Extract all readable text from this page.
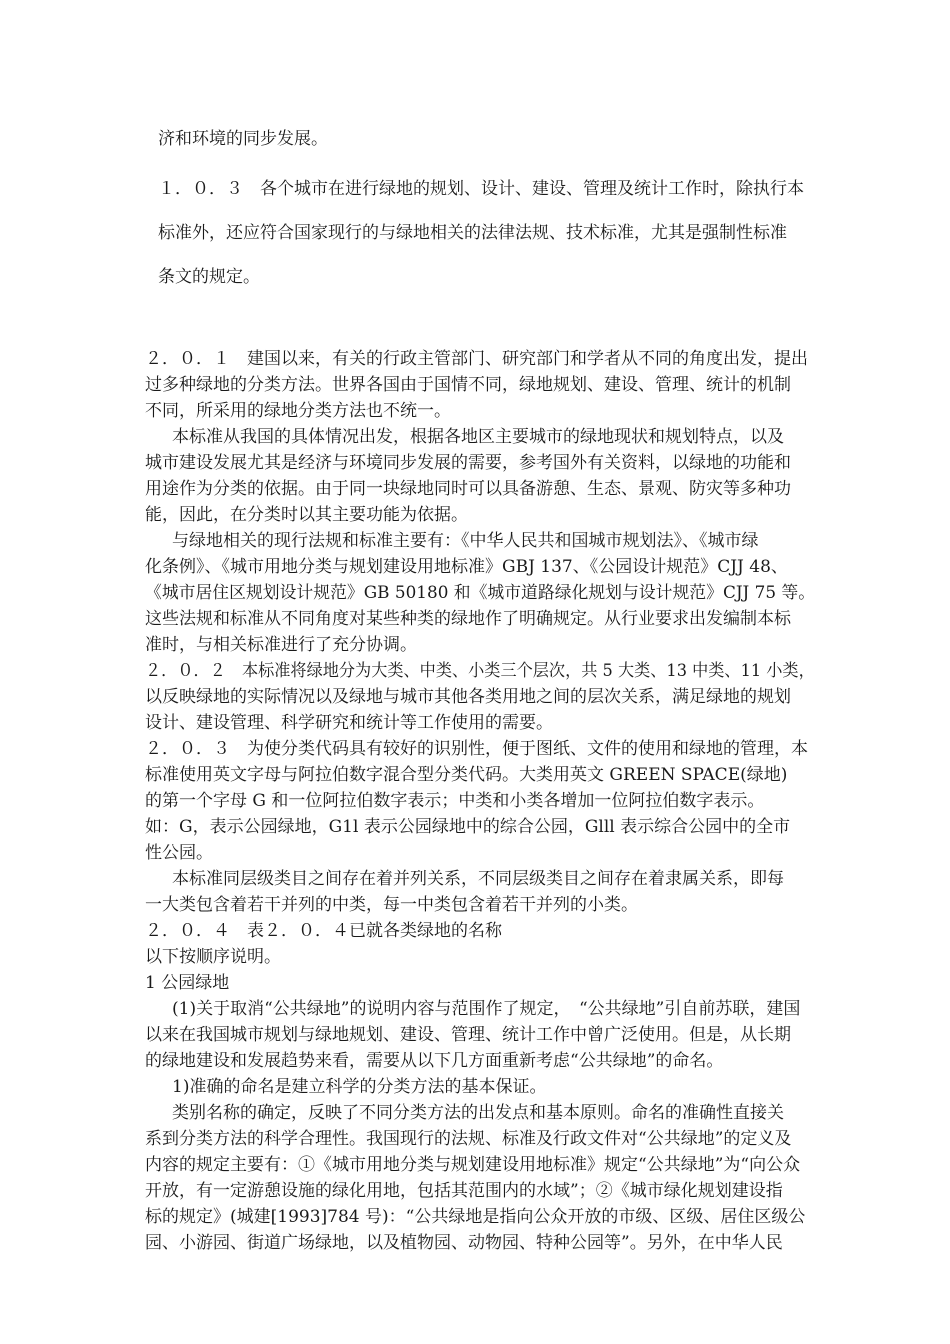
济和环境的同步发展。

１．０．３　各个城市在进行绿地的规划、设计、建设、管理及统计工作时，除执行本

标准外，还应符合国家现行的与绿地相关的法律法规、技术标准，尤其是强制性标准

条文的规定。

２．０．１　建国以来，有关的行政主管部门、研究部门和学者从不同的角度出发，提出

过多种绿地的分类方法。世界各国由于国情不同，绿地规划、建设、管理、统计的机制

不同，所采用的绿地分类方法也不统一。

本标准从我国的具体情况出发，根据各地区主要城市的绿地现状和规划特点，以及

城市建设发展尤其是经济与环境同步发展的需要，参考国外有关资料，以绿地的功能和

用途作为分类的依据。由于同一块绿地同时可以具备游憩、生态、景观、防灾等多种功

能，因此，在分类时以其主要功能为依据。

与绿地相关的现行法规和标准主要有：《中华人民共和国城市规划法》、《城市绿

化条例》、《城市用地分类与规划建设用地标准》GBJ 137、《公园设计规范》CJJ 48、

《城市居住区规划设计规范》GB 50180 和《城市道路绿化规划与设计规范》CJJ 75 等。

这些法规和标准从不同角度对某些种类的绿地作了明确规定。从行业要求出发编制本标

准时，与相关标准进行了充分协调。

２．０．２　本标准将绿地分为大类、中类、小类三个层次，共 5 大类、13 中类、11 小类，

以反映绿地的实际情况以及绿地与城市其他各类用地之间的层次关系，满足绿地的规划

设计、建设管理、科学研究和统计等工作使用的需要。

２．０．３　为使分类代码具有较好的识别性，便于图纸、文件的使用和绿地的管理，本

标准使用英文字母与阿拉伯数字混合型分类代码。大类用英文 GREEN SPACE(绿地)

的第一个字母 G 和一位阿拉伯数字表示；中类和小类各增加一位阿拉伯数字表示。

如：G，表示公园绿地，G1l 表示公园绿地中的综合公园，Glll 表示综合公园中的全市

性公园。

本标准同层级类目之间存在着并列关系，不同层级类目之间存在着隶属关系，即每

一大类包含着若干并列的中类，每一中类包含着若干并列的小类。

２．０．４　表２．０．４已就各类绿地的名称

以下按顺序说明。

1 公园绿地

(1)关于取消“公共绿地”的说明内容与范围作了规定，　“公共绿地”引自前苏联，建国

以来在我国城市规划与绿地规划、建设、管理、统计工作中曾广泛使用。但是，从长期

的绿地建设和发展趋势来看，需要从以下几方面重新考虑“公共绿地”的命名。

1)准确的命名是建立科学的分类方法的基本保证。

类别名称的确定，反映了不同分类方法的出发点和基本原则。命名的准确性直接关

系到分类方法的科学合理性。我国现行的法规、标准及行政文件对“公共绿地”的定义及

内容的规定主要有：①《城市用地分类与规划建设用地标准》规定“公共绿地”为“向公众

开放，有一定游憩设施的绿化用地，包括其范围内的水域”；②《城市绿化规划建设指

标的规定》(城建[1993]784 号)：“公共绿地是指向公众开放的市级、区级、居住区级公

园、小游园、街道广场绿地，以及植物园、动物园、特种公园等”。另外，在中华人民
